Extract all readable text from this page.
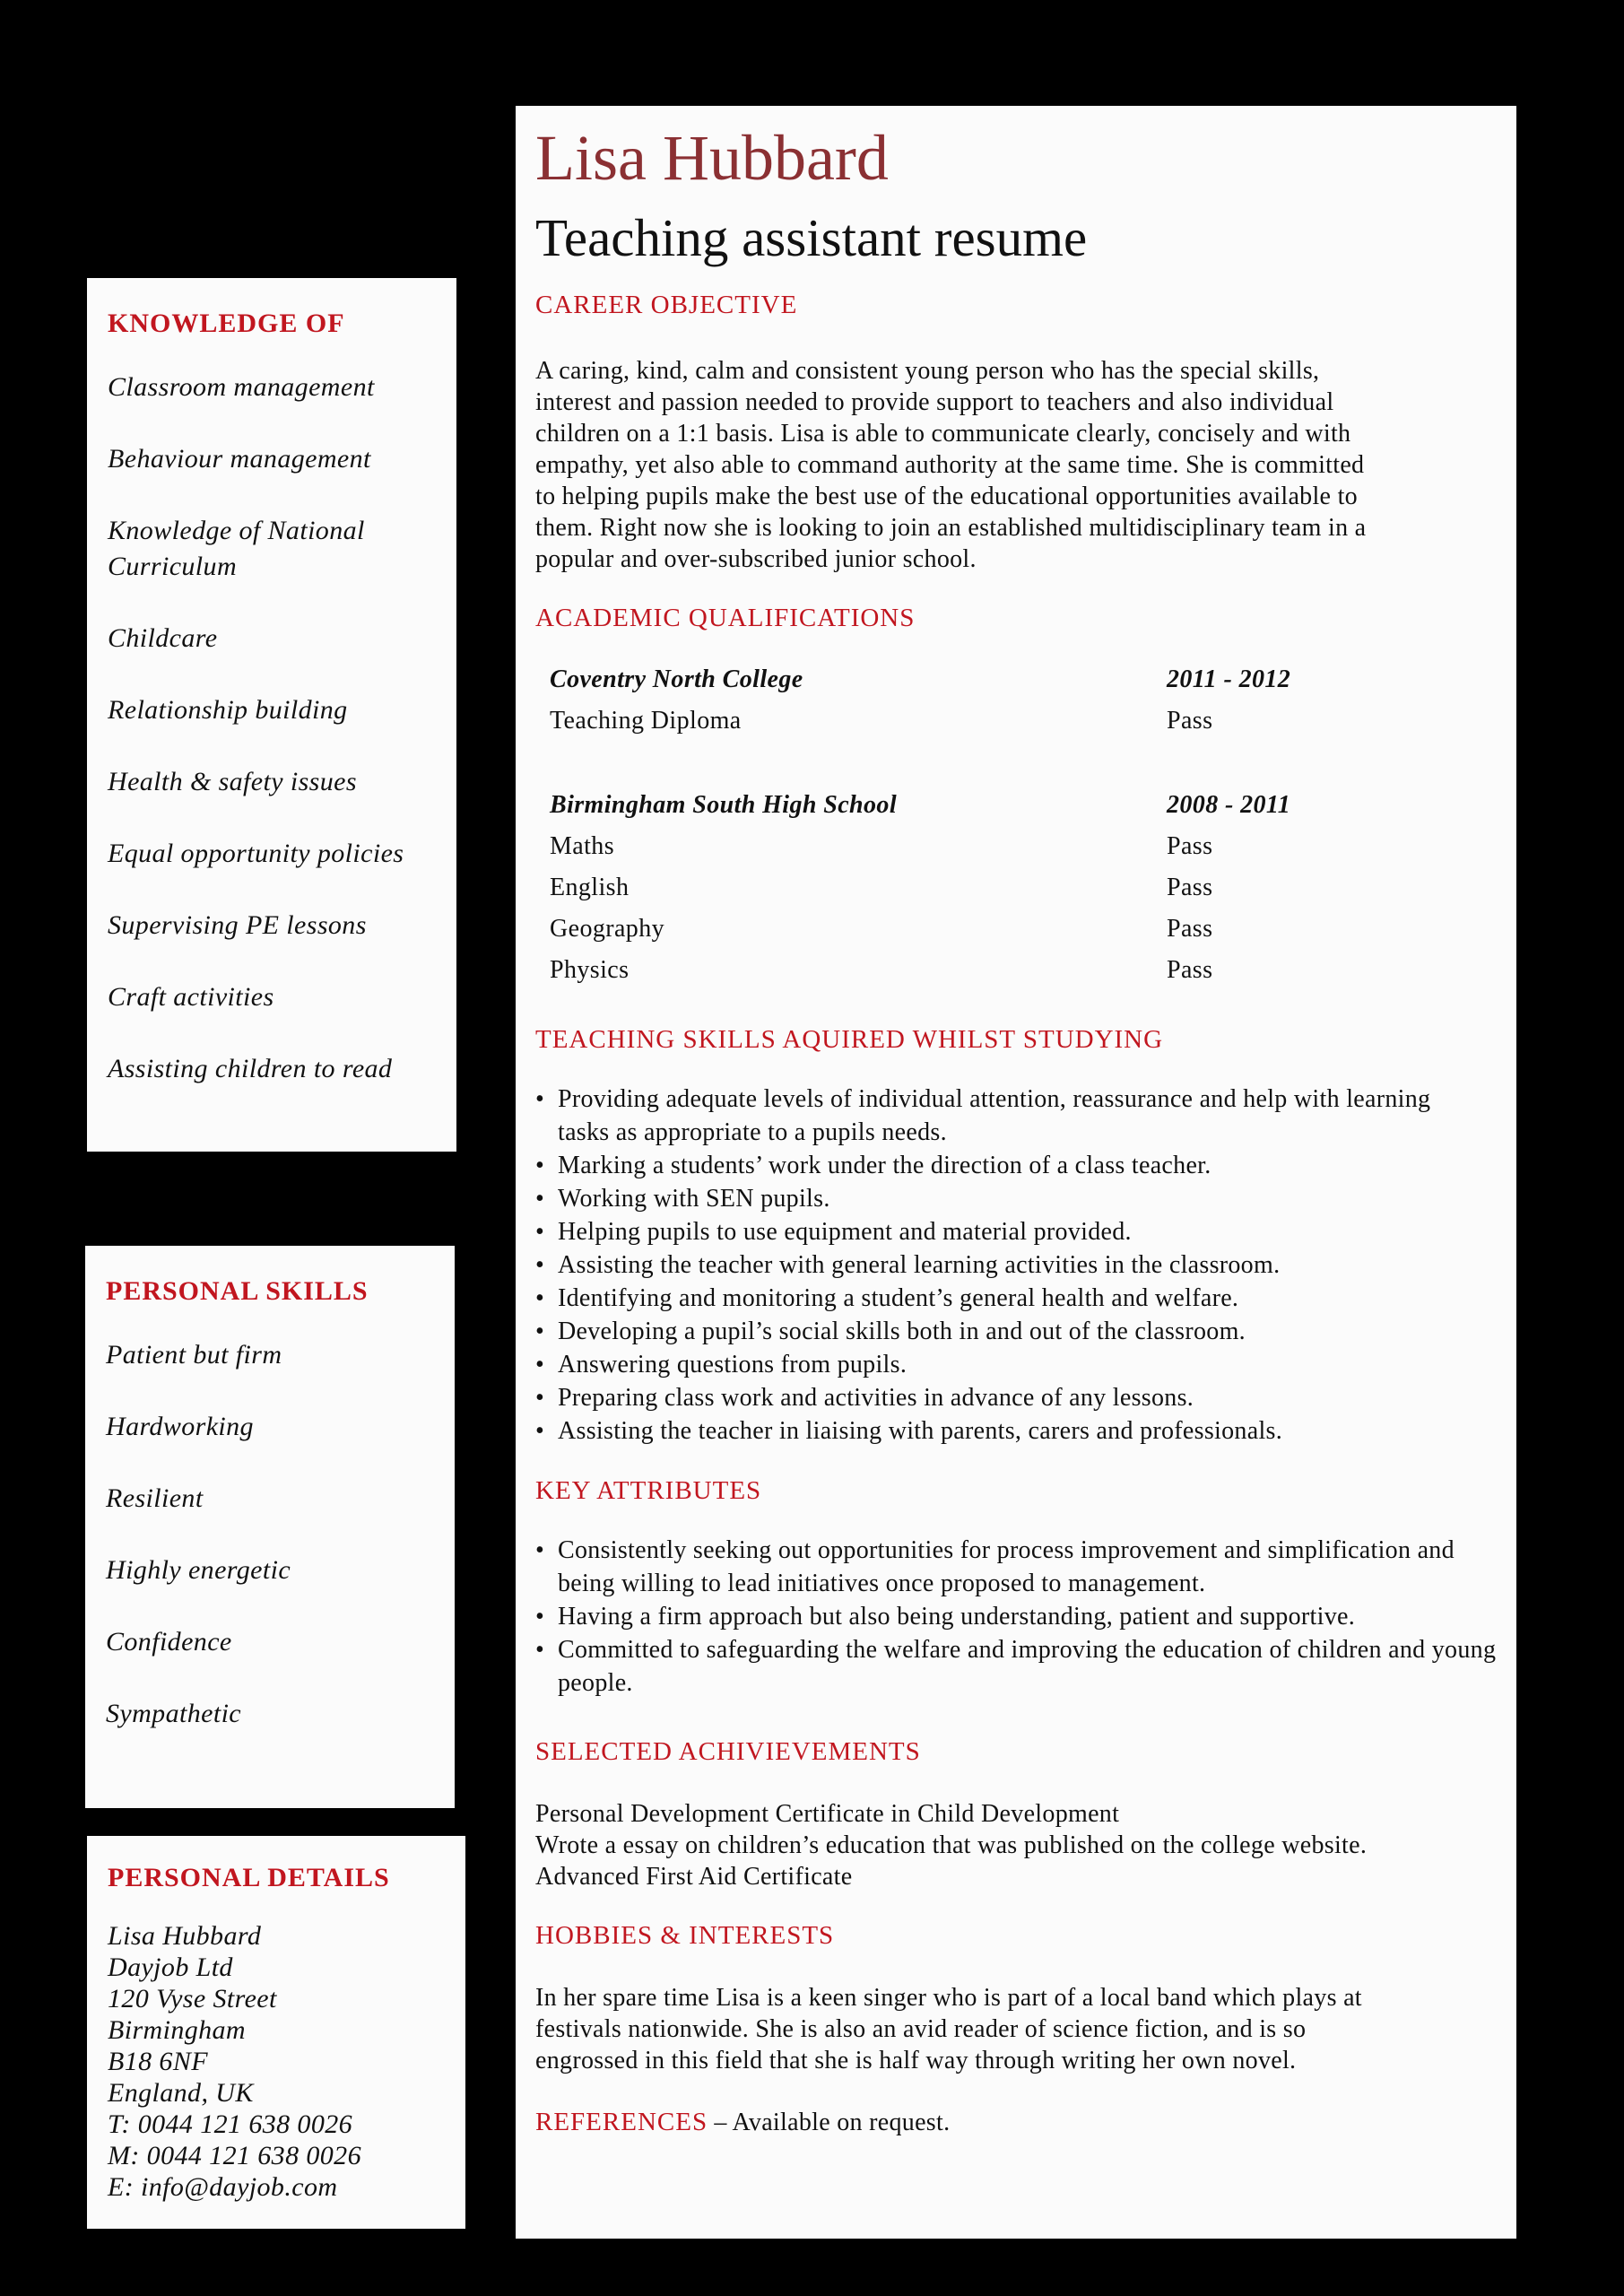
KNOWLEDGE OF
Classroom management
Behaviour management
Knowledge of National Curriculum
Childcare
Relationship building
Health & safety issues
Equal opportunity policies
Supervising PE lessons
Craft activities
Assisting children to read
PERSONAL SKILLS
Patient but firm
Hardworking
Resilient
Highly energetic
Confidence
Sympathetic
PERSONAL DETAILS
Lisa Hubbard
Dayjob Ltd
120 Vyse Street
Birmingham
B18 6NF
England, UK
T: 0044 121 638 0026
M: 0044 121 638 0026
E: info@dayjob.com
Lisa Hubbard
Teaching assistant resume
CAREER OBJECTIVE

A caring, kind, calm and consistent young person who has the special skills,

interest and passion needed to provide support to teachers and also individual

children on a 1:1 basis. Lisa is able to communicate clearly, concisely and with

empathy, yet also able to command authority at the same time. She is committed

to helping pupils make the best use of the educational opportunities available to

them. Right now she is looking to join an established multidisciplinary team in a

popular and over-subscribed junior school.

ACADEMIC QUALIFICATIONS
Coventry North College	2011 - 2012
Teaching Diploma	Pass

Birmingham South High School	2008 - 2011
Maths	Pass
English	Pass
Geography	Pass
Physics	Pass
TEACHING SKILLS AQUIRED WHILST STUDYING
• Providing adequate levels of individual attention, reassurance and help with learning tasks as appropriate to a pupils needs.
• Marking a students’ work under the direction of a class teacher.
• Working with SEN pupils.
• Helping pupils to use equipment and material provided.
• Assisting the teacher with general learning activities in the classroom.
• Identifying and monitoring a student’s general health and welfare.
• Developing a pupil’s social skills both in and out of the classroom.
• Answering questions from pupils.
• Preparing class work and activities in advance of any lessons.
• Assisting the teacher in liaising with parents, carers and professionals.
KEY ATTRIBUTES
• Consistently seeking out opportunities for process improvement and simplification and being willing to lead initiatives once proposed to management.
• Having a firm approach but also being understanding, patient and supportive.
• Committed to safeguarding the welfare and improving the education of children and young people.
SELECTED ACHIVIEVEMENTS

Personal Development Certificate in Child Development

Wrote a essay on children’s education that was published on the college website.

Advanced First Aid Certificate

HOBBIES & INTERESTS

In her spare time Lisa is a keen singer who is part of a local band which plays at

festivals nationwide. She is also an avid reader of science fiction, and is so

engrossed in this field that she is half way through writing her own novel.

REFERENCES – Available on request.
